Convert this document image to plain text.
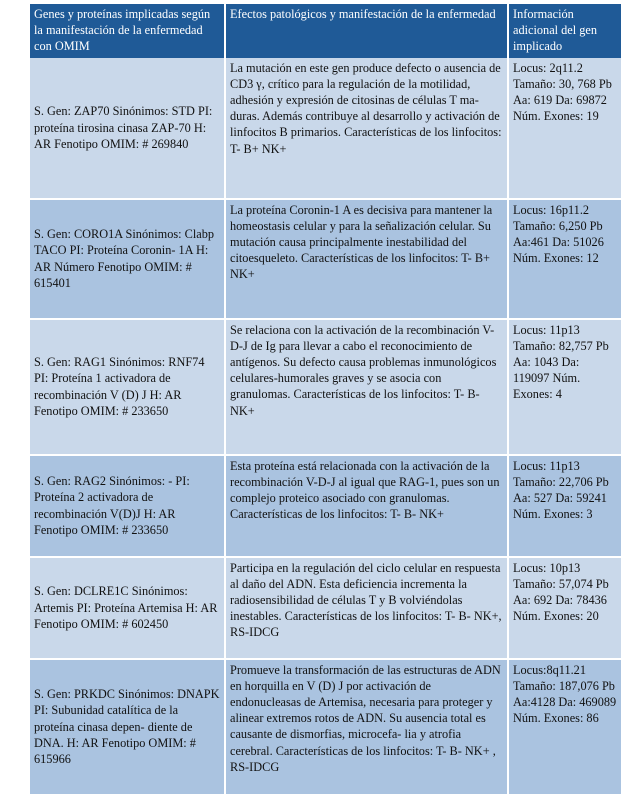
Genes y proteínas implicadas según la manifestación de la enfermedad con OMIM	Efectos patológicos y manifestación de la enfermedad	Información adicional del gen implicado
S. Gen: ZAP70 Sinónimos: STD PI: proteína tirosina cinasa ZAP-70 H: AR Fenotipo OMIM: # 269840	La mutación en este gen produce defecto o ausencia de CD3 γ, crítico para la regulación de la motilidad, adhesión y expresión de citosinas de células T ma- duras. Además contribuye al desarrollo y activación de linfocitos B primarios. Características de los linfocitos: T- B+ NK+	Locus: 2q11.2 Tamaño: 30, 768 Pb Aa: 619 Da: 69872 Núm. Exones: 19
S. Gen: CORO1A Sinónimos: Clabp TACO PI: Proteína Coronin- 1A H: AR Número Fenotipo OMIM: # 615401	La proteína Coronin-1 A es decisiva para mantener la homeostasis celular y para la señalización celular. Su mutación causa principalmente inestabilidad del citoesqueleto. Características de los linfocitos: T- B+ NK+	Locus: 16p11.2 Tamaño: 6,250 Pb Aa:461 Da: 51026 Núm. Exones: 12
S. Gen: RAG1 Sinónimos: RNF74 PI: Proteína 1 activadora de recombinación V (D) J H: AR Fenotipo OMIM: # 233650	Se relaciona con la activación de la recombinación V-D-J de Ig para llevar a cabo el reconocimiento de antígenos. Su defecto causa problemas inmunológicos celulares-humorales graves y se asocia con granulomas. Características de los linfocitos: T- B- NK+	Locus: 11p13 Tamaño: 82,757 Pb Aa: 1043 Da: 119097 Núm. Exones: 4
S. Gen: RAG2 Sinónimos: - PI: Proteína 2 activadora de recombinación V(D)J H: AR Fenotipo OMIM: # 233650	Esta proteína está relacionada con la activación de la recombinación V-D-J al igual que RAG-1, pues son un complejo proteico asociado con granulomas. Características de los linfocitos: T- B- NK+	Locus: 11p13 Tamaño: 22,706 Pb Aa: 527 Da: 59241 Núm. Exones: 3
S. Gen: DCLRE1C Sinónimos: Artemis PI: Proteína Artemisa H: AR Fenotipo OMIM: # 602450	Participa en la regulación del ciclo celular en respuesta al daño del ADN. Esta deficiencia incrementa la radiosensibilidad de células T y B volviéndolas inestables. Características de los linfocitos: T- B- NK+, RS-IDCG	Locus: 10p13 Tamaño: 57,074 Pb Aa: 692 Da: 78436 Núm. Exones: 20
S. Gen: PRKDC Sinónimos: DNAPK PI: Subunidad catalítica de la proteína cinasa depen- diente de DNA. H: AR Fenotipo OMIM: # 615966	Promueve la transformación de las estructuras de ADN en horquilla en V (D) J por activación de endonucleasas de Artemisa, necesaria para proteger y alinear extremos rotos de ADN. Su ausencia total es causante de dismorfias, microcefa- lia y atrofia cerebral. Características de los linfocitos: T- B- NK+ , RS-IDCG	Locus:8q11.21 Tamaño: 187,076 Pb Aa:4128 Da: 469089 Núm. Exones: 86
